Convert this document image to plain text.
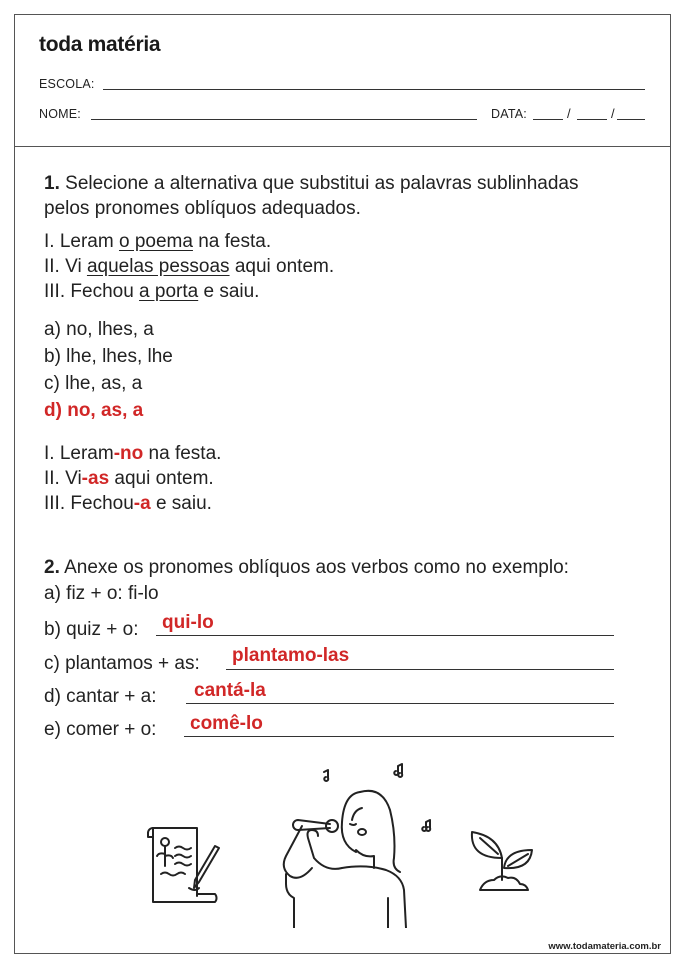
toda matéria
ESCOLA:
NOME:	DATA:	/	/
1. Selecione a alternativa que substitui as palavras sublinhadas
pelos pronomes oblíquos adequados.
I. Leram o poema na festa.
II. Vi aquelas pessoas aqui ontem.
III. Fechou a porta e saiu.
a) no, lhes, a
b) lhe, lhes, lhe
c) lhe, as, a
d) no, as, a
I. Leram-no na festa.
II. Vi-as aqui ontem.
III. Fechou-a e saiu.
2. Anexe os pronomes oblíquos aos verbos como no exemplo:
a) fiz + o: fi-lo
b) quiz + o: qui-lo
c) plantamos + as: plantamo-las
d) cantar + a: cantá-la
e) comer + o: comê-lo
www.todamateria.com.br
